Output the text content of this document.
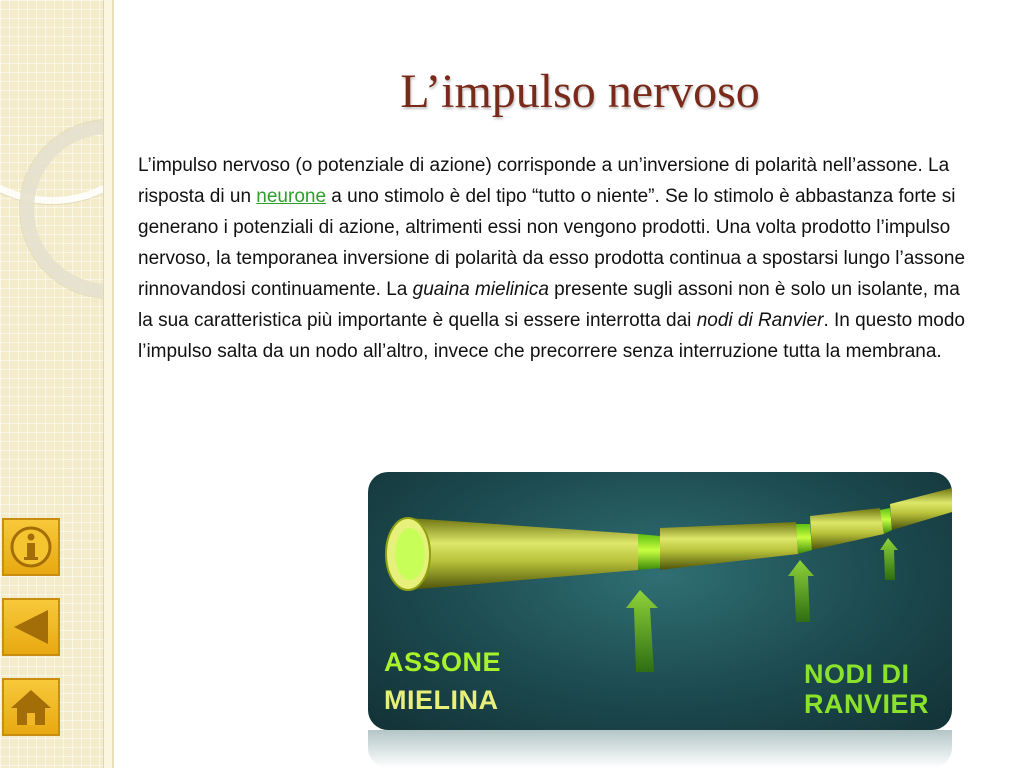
L’impulso nervoso

L’impulso nervoso (o potenziale di azione) corrisponde a un’inversione di polarità nell’assone. La risposta di un neurone a uno stimolo è del tipo “tutto o niente”. Se lo stimolo è abbastanza forte si generano i potenziali di azione, altrimenti essi non vengono prodotti. Una volta prodotto l’impulso nervoso, la temporanea inversione di polarità da esso prodotta continua a spostarsi lungo l’assone rinnovandosi continuamente. La guaina mielinica presente sugli assoni non è solo un isolante, ma la sua caratteristica più importante è quella si essere interrotta dai nodi di Ranvier. In questo modo l’impulso salta da un nodo all’altro, invece che precorrere senza interruzione tutta la membrana.

ASSONE
MIELINA
NODI DI
RANVIER
